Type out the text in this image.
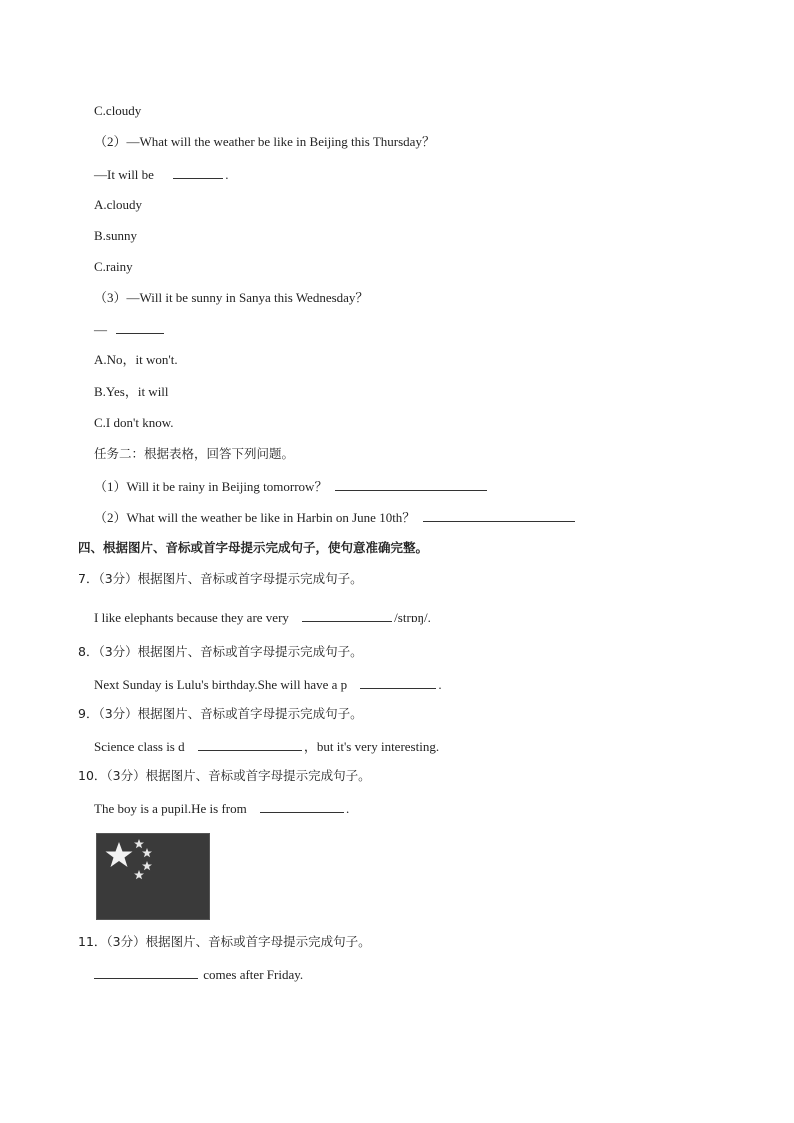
C.cloudy
（2）—What will the weather be like in Beijing this Thursday？
—It will be	.
A.cloudy
B.sunny
C.rainy
（3）—Will it be sunny in Sanya this Wednesday？
—
A.No，it won't.
B.Yes，it will
C.I don't know.
任务二：根据表格，回答下列问题。
（1）Will it be rainy in Beijing tomorrow？
（2）What will the weather be like in Harbin on June 10th？
四、根据图片、音标或首字母提示完成句子，使句意准确完整。
7．（3分）根据图片、音标或首字母提示完成句子。
I like elephants because they are very	/strɒŋ/.
8．（3分）根据图片、音标或首字母提示完成句子。
Next Sunday is Lulu's birthday.She will have a p	.
9．（3分）根据图片、音标或首字母提示完成句子。
Science class is d	，but it's very interesting.
10．（3分）根据图片、音标或首字母提示完成句子。
The boy is a pupil.He is from	.
11．（3分）根据图片、音标或首字母提示完成句子。
comes after Friday.
